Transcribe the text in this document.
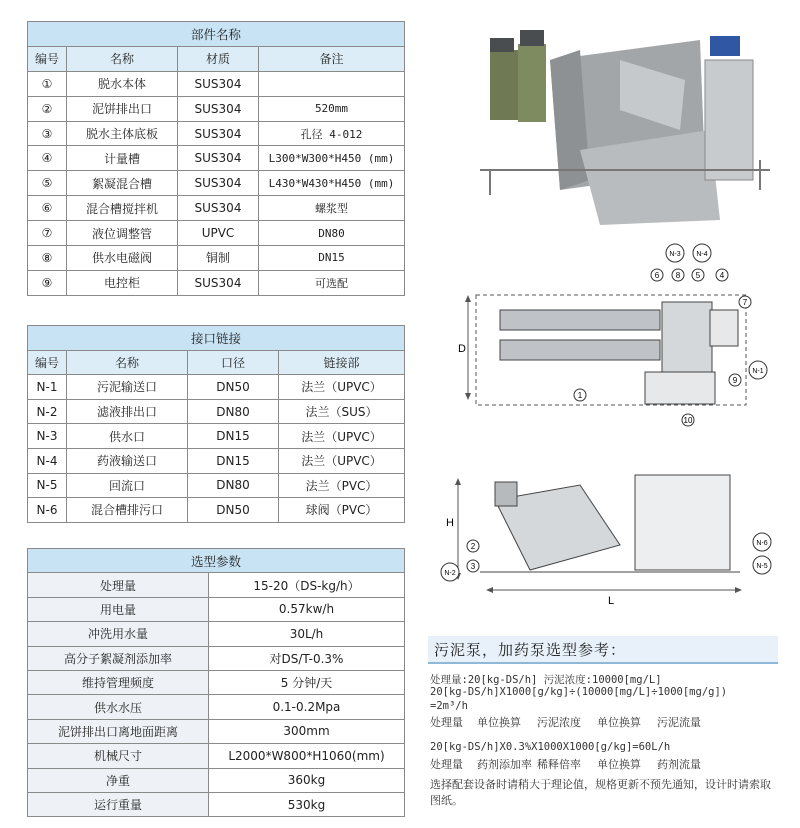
部件名称			
编号	名称	材质	备注
①	脱水本体	SUS304	
②	泥饼排出口	SUS304	520mm
③	脱水主体底板	SUS304	孔径 4-012
④	计量槽	SUS304	L300*W300*H450 (mm)
⑤	絮凝混合槽	SUS304	L430*W430*H450 (mm)
⑥	混合槽搅拌机	SUS304	螺浆型
⑦	液位调整管	UPVC	DN80
⑧	供水电磁阀	铜制	DN15
⑨	电控柜	SUS304	可选配
接口链接			
编号	名称	口径	链接部
N-1	污泥输送口	DN50	法兰（UPVC）
N-2	滤液排出口	DN80	法兰（SUS）
N-3	供水口	DN15	法兰（UPVC）
N-4	药液输送口	DN15	法兰（UPVC）
N-5	回流口	DN80	法兰（PVC）
N-6	混合槽排污口	DN50	球阀（PVC）
选型参数	
处理量	15-20（DS-kg/h）
用电量	0.57kw/h
冲洗用水量	30L/h
高分子絮凝剂添加率	对DS/T-0.3%
维持管理频度	5 分钟/天
供水水压	0.1-0.2Mpa
泥饼排出口离地面距离	300mm
机械尺寸	L2000*W800*H1060(mm)
净重	360kg
运行重量	530kg
D
N-3 N-4
6 8 5 4
7
N-1
9
1
10
H
L
2
3
N-2
N-6
N-5
污泥泵，加药泵选型参考：
处理量:20[kg-DS/h] 污泥浓度:10000[mg/L]
20[kg-DS/h]X1000[g/kg]÷(10000[mg/L]÷1000[mg/g])
=2m³/h
处理量 单位换算 污泥浓度 单位换算 污泥流量
20[kg-DS/h]X0.3%X1000X1000[g/kg]=60L/h
处理量 药剂添加率 稀释倍率 单位换算 药剂流量
选择配套设备时请稍大于理论值，规格更新不预先通知，设计时请索取图纸。
